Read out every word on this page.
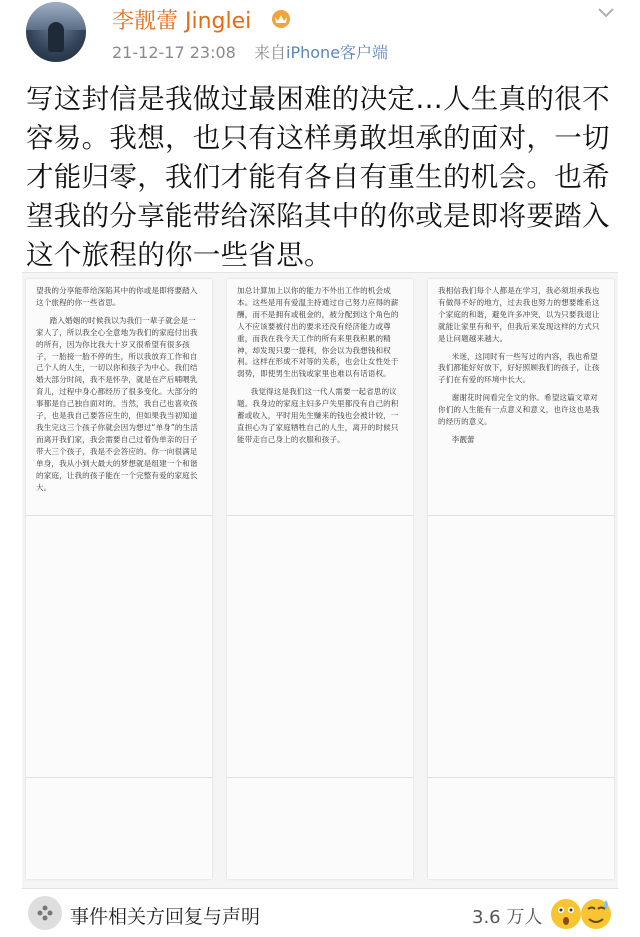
李靓蕾 Jinglei
21-12-17 23:08 来自iPhone客户端
写这封信是我做过最困难的决定…人生真的很不容易。我想，也只有这样勇敢坦承的面对，一切才能归零，我们才能有各自有重生的机会。也希望我的分享能带给深陷其中的你或是即将要踏入这个旅程的你一些省思。

望我的分享能带给深陷其中的你或是即将要踏入这个旅程的你一些省思。

踏入婚姻的时候我以为我们一辈子就会是一家人了，所以我全心全意地为我们的家庭付出我的所有，因为你比我大十岁又很希望有很多孩子，一胎接一胎不停的生，所以我放弃工作和自己个人的人生，一切以你和孩子为中心。我们结婚大部分时间，我不是怀孕，就是在产后哺喂乳育儿，过程中身心都经历了很多变化。大部分的事都是自己独自面对的。当然，我自己也喜欢孩子，也是我自己要答应生的，但如果我当初知道我生完这三个孩子你就会因为想过“单身”的生活而离开我们家，我会需要自己过着伪单亲的日子带大三个孩子，我是不会答应的。你一向很满足单身，我从小到大最大的梦想就是组建一个和谐的家庭，让我的孩子能在一个完整有爱的家庭长大。

加总计算加上以你的能力不外出工作的机会成本。这些是用有爱温主持通过自己努力应得的薪酬，而不是拥有或租金的，被分配到这个角色的人不应该要被付出的要求还没有经济能力或尊重，而我在我今天工作的所有来里我积累的精神，却发现只要一提利，你会以为我想钱和权利。这样在形成不对等的关系，也会让女性处于弱势，即使男生出钱或家里也难以有话语权。

我觉得这是我们这一代人需要一起省思的议题。我身边的家庭主妇多户失里都没有自己的积蓄或收入，平时用先生赚来的钱也会被计较，一直担心为了家庭牺牲自己的人生，离开的时候只能带走自己身上的衣服和孩子。

我相信我们每个人都是在学习，我必须坦承我也有做得不好的地方，过去我也努力的想要维系这个家庭的和谐，避免许多冲突，以为只要我退让就能让家里有和平，但我后来发现这样的方式只是让问题越来越大。

米迷，这同时有一些写过的内容，我也希望我们都能好好放下，好好照顾我们的孩子，让孩子们在有爱的环境中长大。

谢谢花时间看完全文的你。希望这篇文章对你们的人生能有一点意义和意义，也许这也是我的经历的意义。

李靓蕾

事件相关方回复与声明	3.6 万人
